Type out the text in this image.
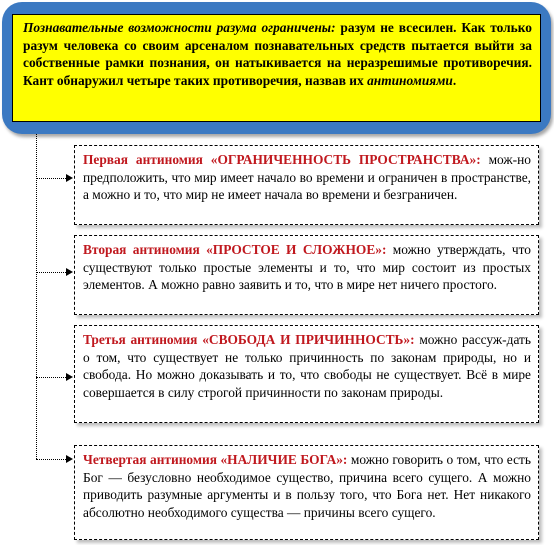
Познавательные возможности разума ограничены: разум не всесилен. Как только разум человека со своим арсеналом познавательных средств пытается выйти за собственные рамки познания, он натыкивается на неразрешимые противоречия. Кант обнаружил четыре таких противоречия, назвав их антиномиями.
Первая антиномия «ОГРАНИЧЕННОСТЬ ПРОСТРАНСТВА»: мож-но предположить, что мир имеет начало во времени и ограничен в пространстве, а можно и то, что мир не имеет начала во времени и безграничен.
Вторая антиномия «ПРОСТОЕ И СЛОЖНОЕ»: можно утверждать, что существуют только простые элементы и то, что мир состоит из простых элементов. А можно равно заявить и то, что в мире нет ничего простого.
Третья антиномия «СВОБОДА И ПРИЧИННОСТЬ»: можно рассуж-дать о том, что существует не только причинность по законам природы, но и свобода. Но можно доказывать и то, что свободы не существует. Всё в мире совершается в силу строгой причинности по законам природы.
Четвертая антиномия «НАЛИЧИЕ БОГА»: можно говорить о том, что есть Бог — безусловно необходимое существо, причина всего сущего. А можно приводить разумные аргументы и в пользу того, что Бога нет. Нет никакого абсолютно необходимого существа — причины всего сущего.
